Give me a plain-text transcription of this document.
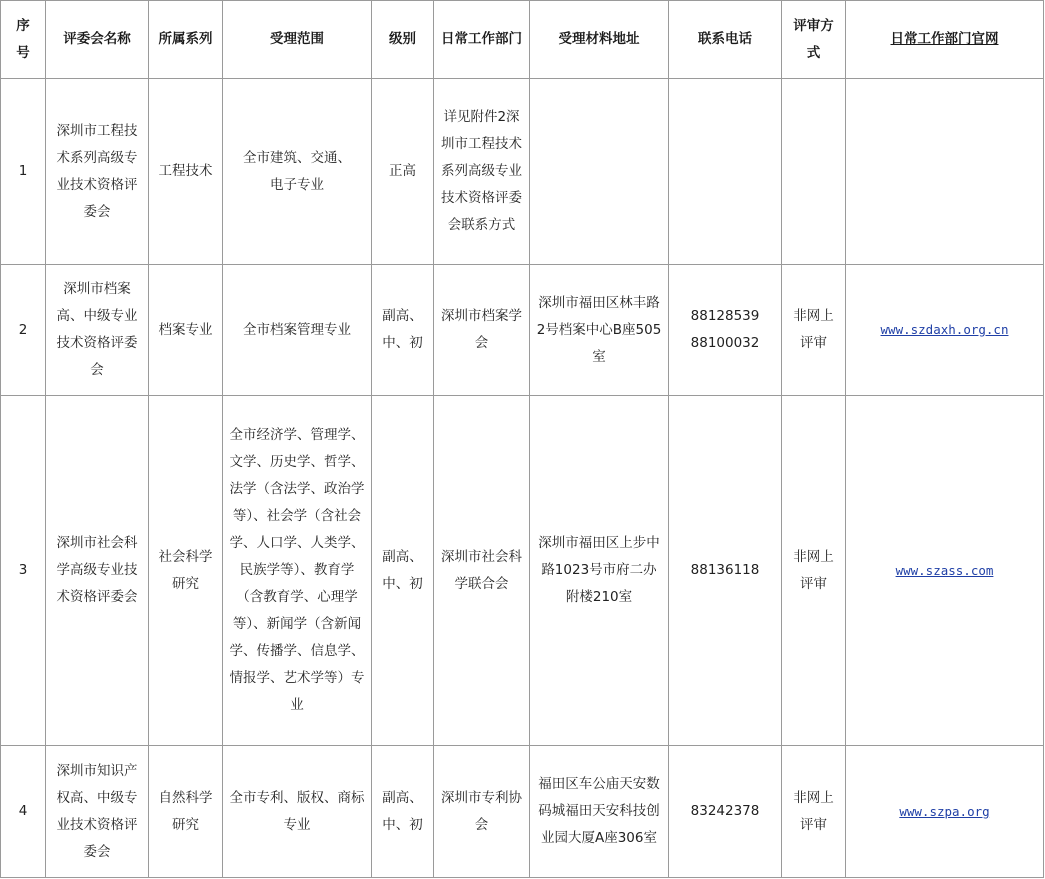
序号	评委会名称	所属系列	受理范围	级别	日常工作部门	受理材料地址	联系电话	评审方式	日常工作部门官网
1	深圳市工程技术系列高级专业技术资格评委会	工程技术	全市建筑、交通、电子专业	正高	详见附件2深圳市工程技术系列高级专业技术资格评委会联系方式				
2	深圳市档案高、中级专业技术资格评委会	档案专业	全市档案管理专业	副高、中、初	深圳市档案学会	深圳市福田区林丰路2号档案中心B座505室	88128539 88100032	非网上评审	www.szdaxh.org.cn
3	深圳市社会科学高级专业技术资格评委会	社会科学研究	全市经济学、管理学、文学、历史学、哲学、法学（含法学、政治学等）、社会学（含社会学、人口学、人类学、民族学等）、教育学（含教育学、心理学等）、新闻学（含新闻学、传播学、信息学、情报学、艺术学等）专业	副高、中、初	深圳市社会科学联合会	深圳市福田区上步中路1023号市府二办附楼210室	88136118	非网上评审	www.szass.com
4	深圳市知识产权高、中级专业技术资格评委会	自然科学研究	全市专利、版权、商标专业	副高、中、初	深圳市专利协会	福田区车公庙天安数码城福田天安科技创业园大厦A座306室	83242378	非网上评审	www.szpa.org
